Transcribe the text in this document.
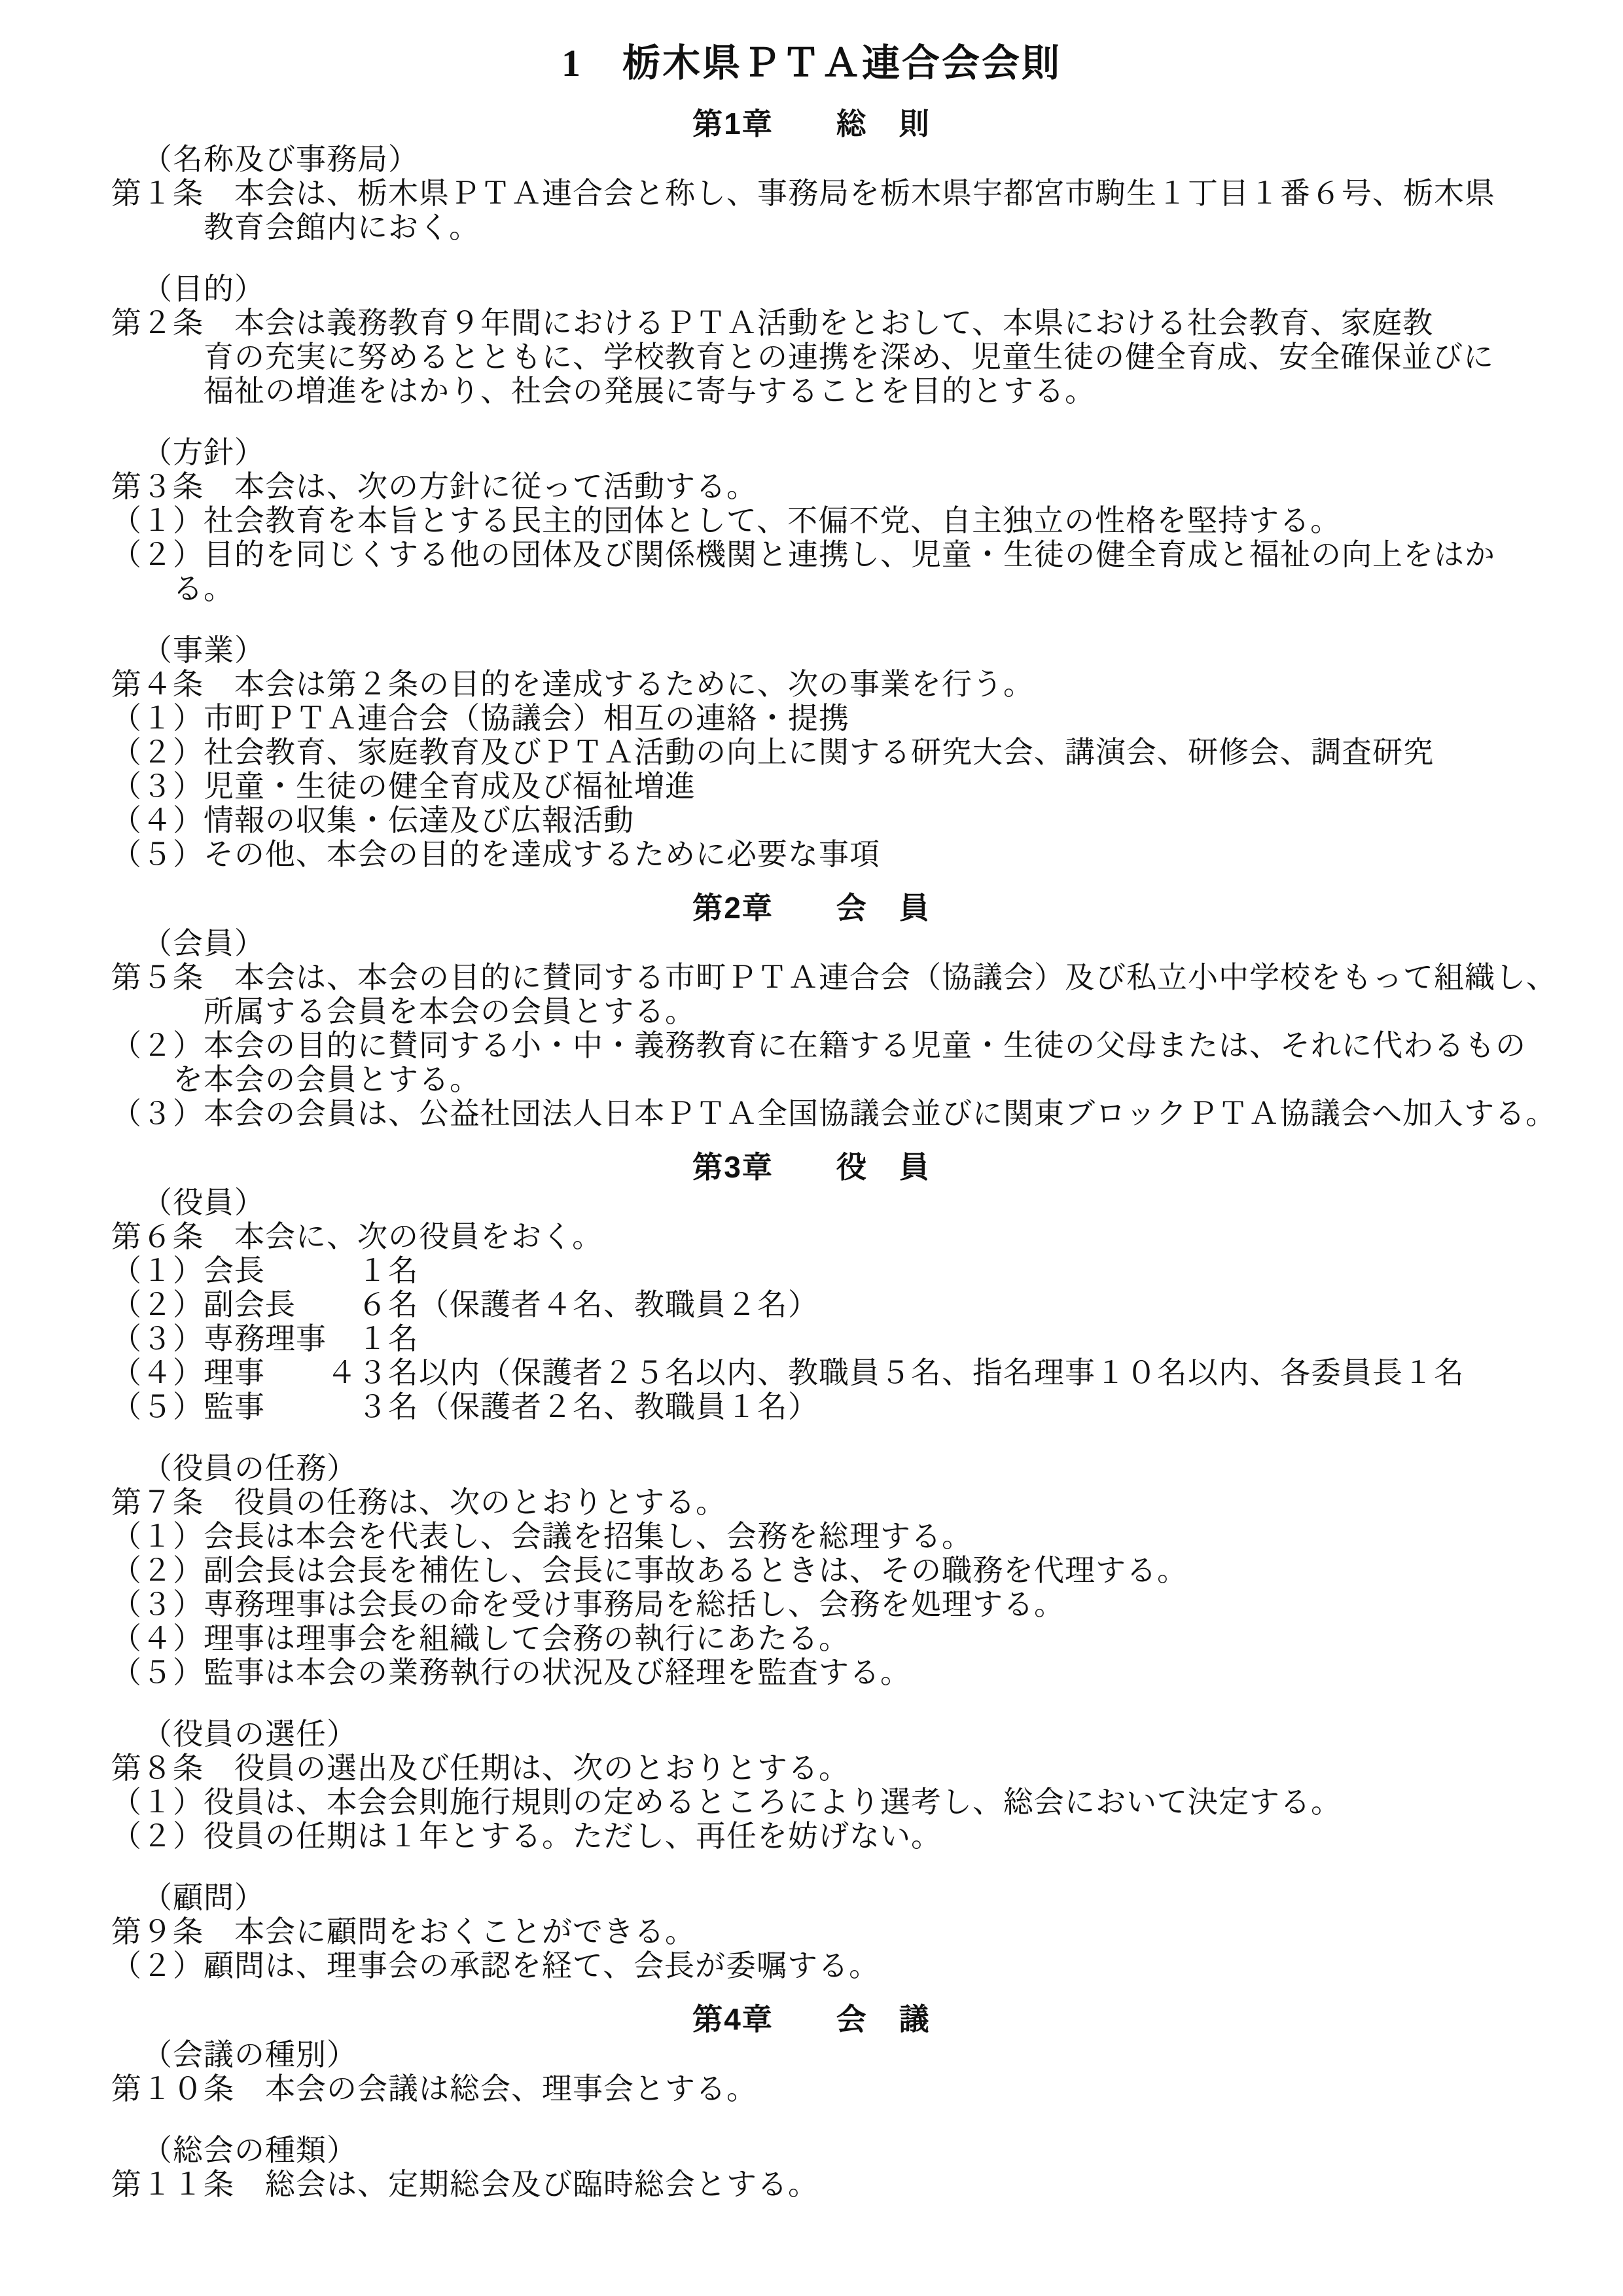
1　栃木県ＰＴＡ連合会会則
第1章　　総　則
（名称及び事務局）
第１条　本会は、栃木県ＰＴＡ連合会と称し、事務局を栃木県宇都宮市駒生１丁目１番６号、栃木県
教育会館内におく。
（目的）
第２条　本会は義務教育９年間におけるＰＴＡ活動をとおして、本県における社会教育、家庭教
育の充実に努めるとともに、学校教育との連携を深め、児童生徒の健全育成、安全確保並びに
福祉の増進をはかり、社会の発展に寄与することを目的とする。
（方針）
第３条　本会は、次の方針に従って活動する。
（１）社会教育を本旨とする民主的団体として、不偏不党、自主独立の性格を堅持する。
（２）目的を同じくする他の団体及び関係機関と連携し、児童・生徒の健全育成と福祉の向上をはか
る。
（事業）
第４条　本会は第２条の目的を達成するために、次の事業を行う。
（１）市町ＰＴＡ連合会（協議会）相互の連絡・提携
（２）社会教育、家庭教育及びＰＴＡ活動の向上に関する研究大会、講演会、研修会、調査研究
（３）児童・生徒の健全育成及び福祉増進
（４）情報の収集・伝達及び広報活動
（５）その他、本会の目的を達成するために必要な事項
第2章　　会　員
（会員）
第５条　本会は、本会の目的に賛同する市町ＰＴＡ連合会（協議会）及び私立小中学校をもって組織し、
所属する会員を本会の会員とする。
（２）本会の目的に賛同する小・中・義務教育に在籍する児童・生徒の父母または、それに代わるもの
を本会の会員とする。
（３）本会の会員は、公益社団法人日本ＰＴＡ全国協議会並びに関東ブロックＰＴＡ協議会へ加入する。
第3章　　役　員
（役員）
第６条　本会に、次の役員をおく。
（１）会長　　　１名
（２）副会長　　６名（保護者４名、教職員２名）
（３）専務理事　１名
（４）理事　　４３名以内（保護者２５名以内、教職員５名、指名理事１０名以内、各委員長１名
（５）監事　　　３名（保護者２名、教職員１名）
（役員の任務）
第７条　役員の任務は、次のとおりとする。
（１）会長は本会を代表し、会議を招集し、会務を総理する。
（２）副会長は会長を補佐し、会長に事故あるときは、その職務を代理する。
（３）専務理事は会長の命を受け事務局を総括し、会務を処理する。
（４）理事は理事会を組織して会務の執行にあたる。
（５）監事は本会の業務執行の状況及び経理を監査する。
（役員の選任）
第８条　役員の選出及び任期は、次のとおりとする。
（１）役員は、本会会則施行規則の定めるところにより選考し、総会において決定する。
（２）役員の任期は１年とする。ただし、再任を妨げない。
（顧問）
第９条　本会に顧問をおくことができる。
（２）顧問は、理事会の承認を経て、会長が委嘱する。
第4章　　会　議
（会議の種別）
第１０条　本会の会議は総会、理事会とする。
（総会の種類）
第１１条　総会は、定期総会及び臨時総会とする。
